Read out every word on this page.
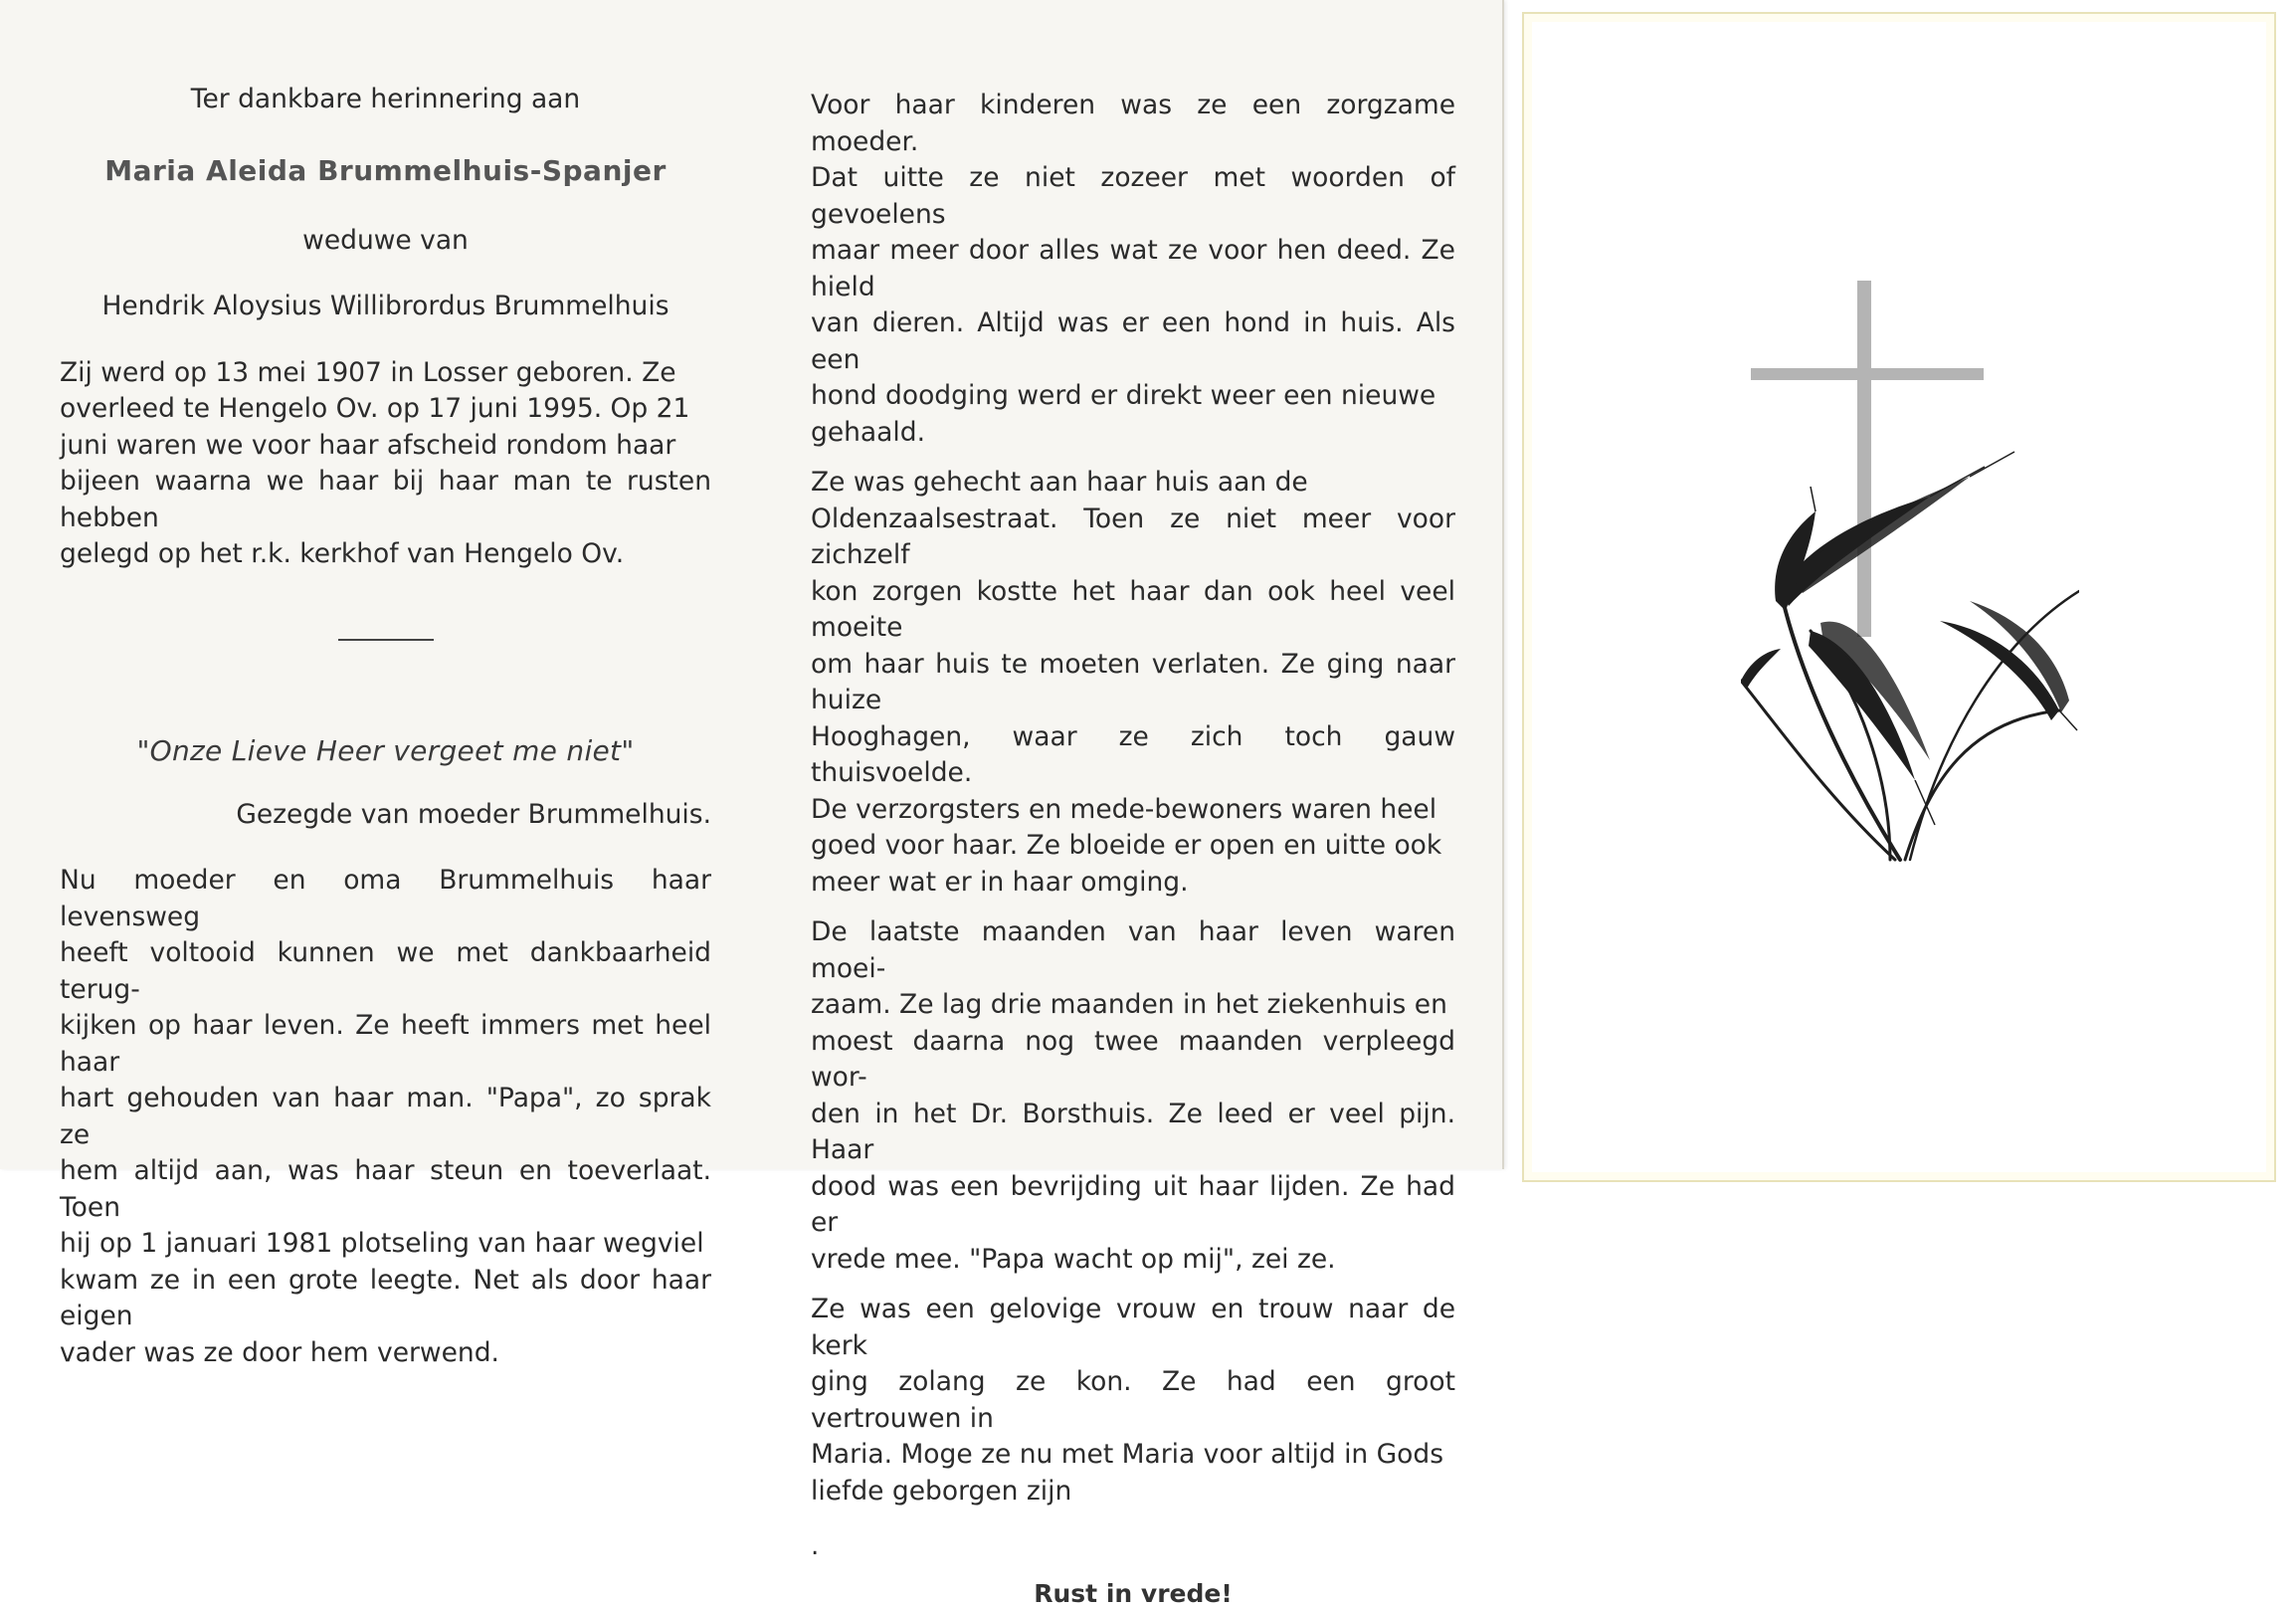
Ter dankbare herinnering aan

Maria Aleida Brummelhuis-Spanjer

weduwe van

Hendrik Aloysius Willibrordus Brummelhuis

Zij werd op 13 mei 1907 in Losser geboren. Ze

overleed te Hengelo Ov. op 17 juni 1995. Op 21

juni waren we voor haar afscheid rondom haar

bijeen waarna we haar bij haar man te rusten hebben

gelegd op het r.k. kerkhof van Hengelo Ov.

"Onze Lieve Heer vergeet me niet"

Gezegde van moeder Brummelhuis.

Nu moeder en oma Brummelhuis haar levensweg

heeft voltooid kunnen we met dankbaarheid terug-

kijken op haar leven. Ze heeft immers met heel haar

hart gehouden van haar man. "Papa", zo sprak ze

hem altijd aan, was haar steun en toeverlaat. Toen

hij op 1 januari 1981 plotseling van haar wegviel

kwam ze in een grote leegte. Net als door haar eigen

vader was ze door hem verwend.

Voor haar kinderen was ze een zorgzame moeder.

Dat uitte ze niet zozeer met woorden of gevoelens

maar meer door alles wat ze voor hen deed. Ze hield

van dieren. Altijd was er een hond in huis. Als een

hond doodging werd er direkt weer een nieuwe

gehaald.

Ze was gehecht aan haar huis aan de

Oldenzaalsestraat. Toen ze niet meer voor zichzelf

kon zorgen kostte het haar dan ook heel veel moeite

om haar huis te moeten verlaten. Ze ging naar huize

Hooghagen, waar ze zich toch gauw thuisvoelde.

De verzorgsters en mede-bewoners waren heel

goed voor haar. Ze bloeide er open en uitte ook

meer wat er in haar omging.

De laatste maanden van haar leven waren moei-

zaam. Ze lag drie maanden in het ziekenhuis en

moest daarna nog twee maanden verpleegd wor-

den in het Dr. Borsthuis. Ze leed er veel pijn. Haar

dood was een bevrijding uit haar lijden. Ze had er

vrede mee. "Papa wacht op mij", zei ze.

Ze was een gelovige vrouw en trouw naar de kerk

ging zolang ze kon. Ze had een groot vertrouwen in

Maria. Moge ze nu met Maria voor altijd in Gods

liefde geborgen zijn

.

Rust in vrede!
